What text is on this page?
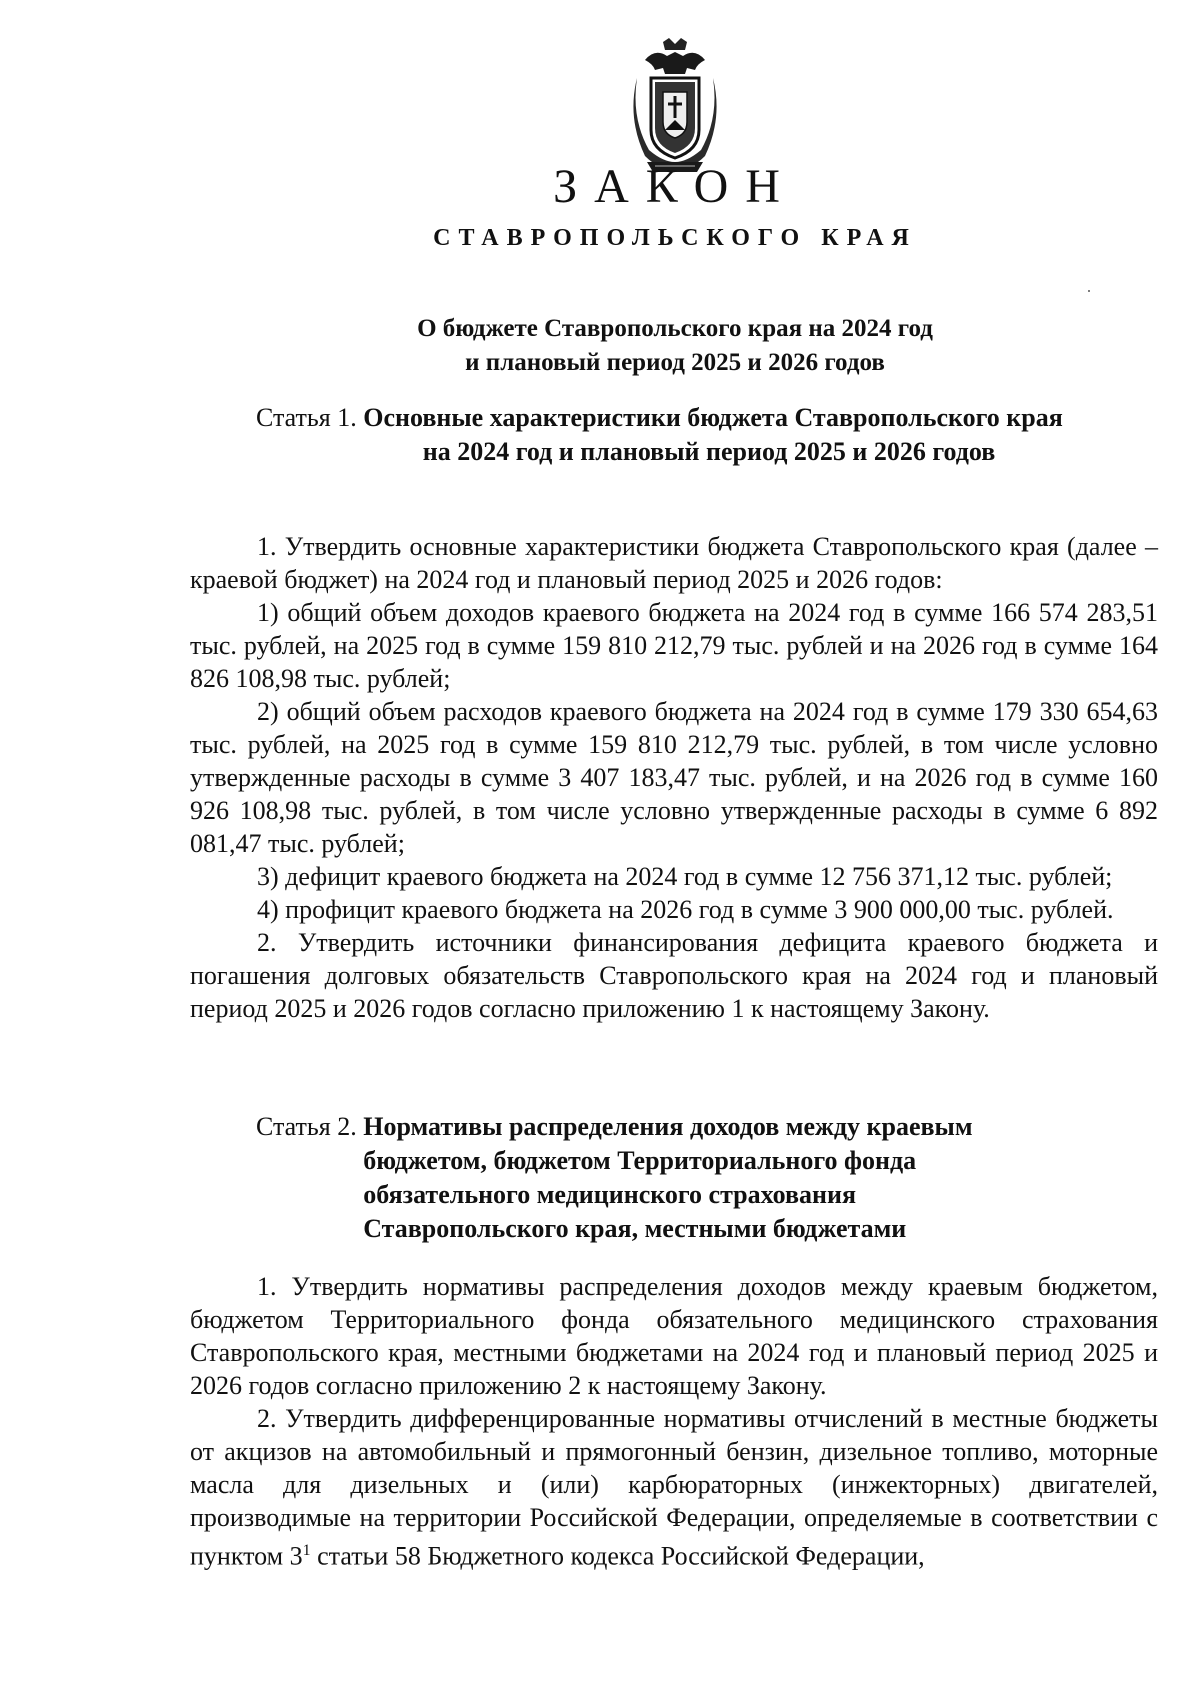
ЗАКОН
СТАВРОПОЛЬСКОГО КРАЯ
О бюджете Ставропольского края на 2024 год
и плановый период 2025 и 2026 годов
Статья 1. Основные характеристики бюджета Ставропольского края
на 2024 год и плановый период 2025 и 2026 годов

1. Утвердить основные характеристики бюджета Ставропольского края (далее – краевой бюджет) на 2024 год и плановый период 2025 и 2026 годов:

1) общий объем доходов краевого бюджета на 2024 год в сумме 166 574 283,51 тыс. рублей, на 2025 год в сумме 159 810 212,79 тыс. рублей и на 2026 год в сумме 164 826 108,98 тыс. рублей;

2) общий объем расходов краевого бюджета на 2024 год в сумме 179 330 654,63 тыс. рублей, на 2025 год в сумме 159 810 212,79 тыс. рублей, в том числе условно утвержденные расходы в сумме 3 407 183,47 тыс. рублей, и на 2026 год в сумме 160 926 108,98 тыс. рублей, в том числе условно утвержденные расходы в сумме 6 892 081,47 тыс. рублей;

3) дефицит краевого бюджета на 2024 год в сумме 12 756 371,12 тыс. рублей;

4) профицит краевого бюджета на 2026 год в сумме 3 900 000,00 тыс. рублей.

2. Утвердить источники финансирования дефицита краевого бюджета и погашения долговых обязательств Ставропольского края на 2024 год и плановый период 2025 и 2026 годов согласно приложению 1 к настоящему Закону.

Статья 2. Нормативы распределения доходов между краевым
бюджетом, бюджетом Территориального фонда
обязательного медицинского страхования
Ставропольского края, местными бюджетами

1. Утвердить нормативы распределения доходов между краевым бюджетом, бюджетом Территориального фонда обязательного медицинского страхования Ставропольского края, местными бюджетами на 2024 год и плановый период 2025 и 2026 годов согласно приложению 2 к настоящему Закону.

2. Утвердить дифференцированные нормативы отчислений в местные бюджеты от акцизов на автомобильный и прямогонный бензин, дизельное топливо, моторные масла для дизельных и (или) карбюраторных (инжекторных) двигателей, производимые на территории Российской Федерации, определяемые в соответствии с пунктом $3^1$ статьи 58 Бюджетного кодекса Российской Федерации,
